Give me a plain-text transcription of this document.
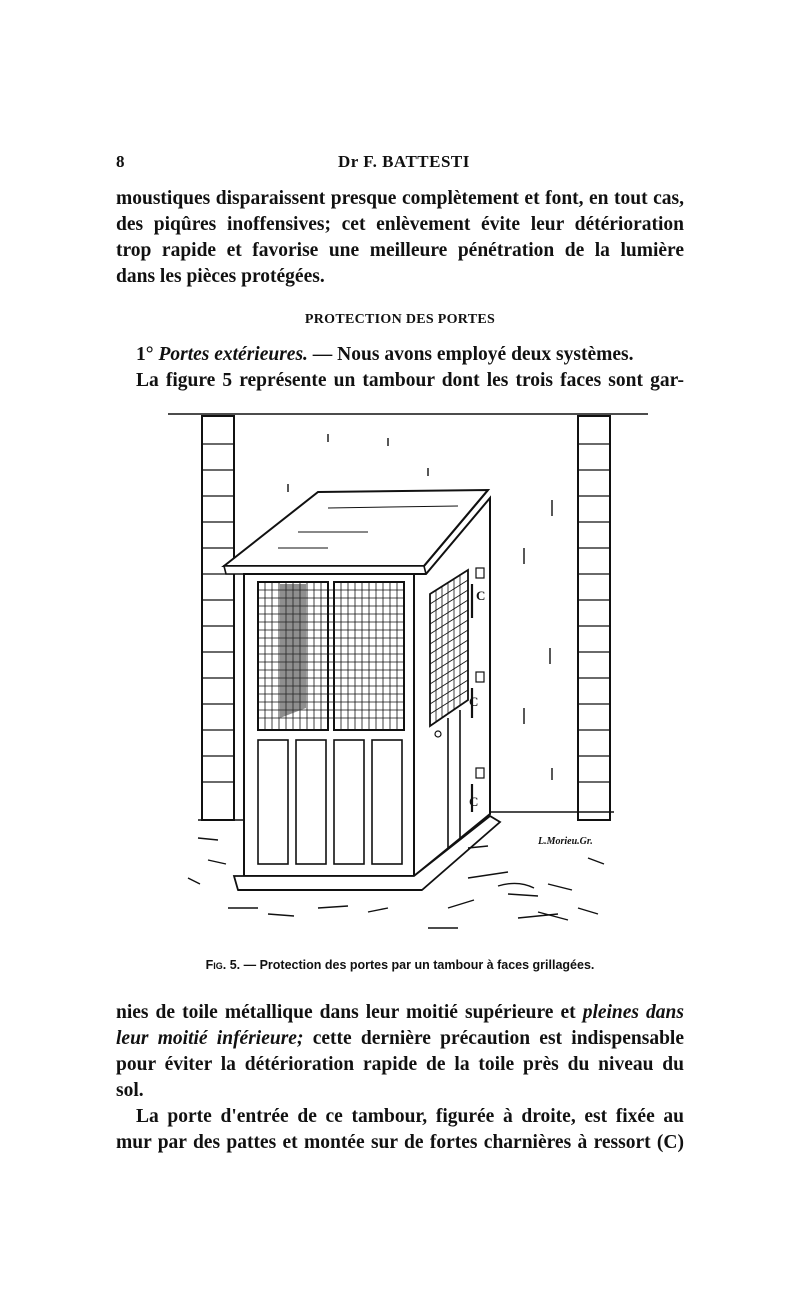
8	Dr F. BATTESTI
moustiques disparaissent presque complètement et font, en tout cas,
des piqûres inoffensives; cet enlèvement évite leur détérioration
trop rapide et favorise une meilleure pénétration de la lumière
dans les pièces protégées.
PROTECTION DES PORTES
1° Portes extérieures. — Nous avons employé deux systèmes.
La figure 5 représente un tambour dont les trois faces sont gar-
C
C
C
L.Morieu.Gr.
Fig. 5. — Protection des portes par un tambour à faces grillagées.
nies de toile métallique dans leur moitié supérieure et pleines dans
leur moitié inférieure; cette dernière précaution est indispensable
pour éviter la détérioration rapide de la toile près du niveau du
sol.
La porte d'entrée de ce tambour, figurée à droite, est fixée au
mur par des pattes et montée sur de fortes charnières à ressort (C)
